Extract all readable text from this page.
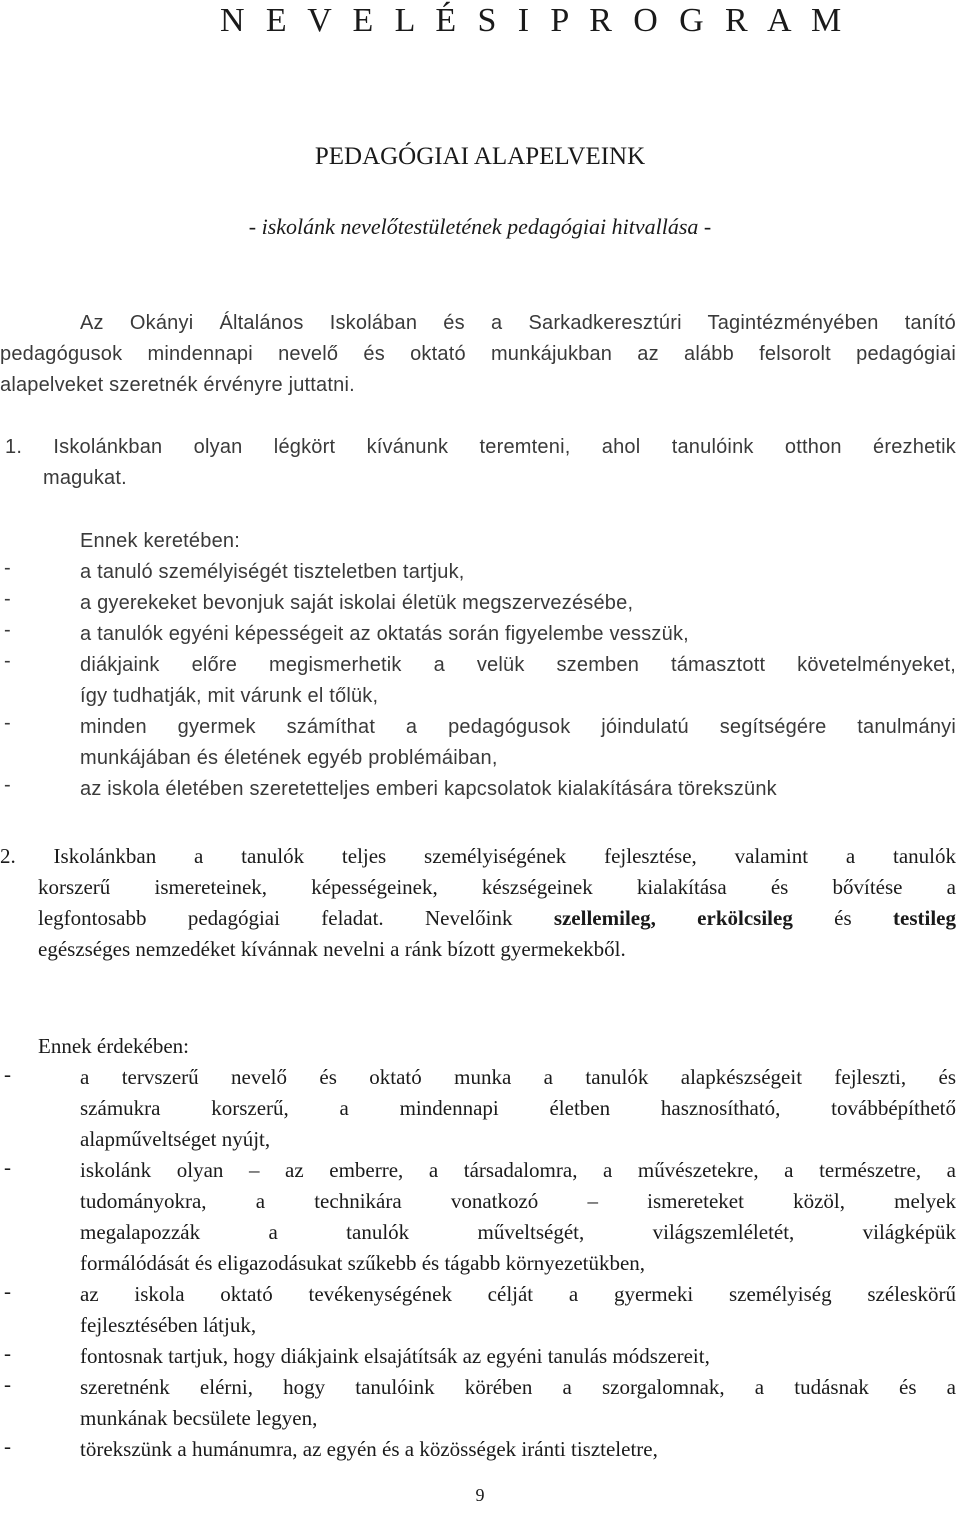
N E V E L É S I P R O G R A M
PEDAGÓGIAI ALAPELVEINK

- iskolánk nevelőtestületének pedagógiai hitvallása -

Az Okányi Általános Iskolában és a Sarkadkeresztúri Tagintézményében tanító
pedagógusok mindennapi nevelő és oktató munkájukban az alább felsorolt pedagógiai
alapelveket szeretnék érvényre juttatni.
1. Iskolánkban olyan légkört kívánunk teremteni, ahol tanulóink otthon érezhetik
magukat.
Ennek keretében:
-	a tanuló személyiségét tiszteletben tartjuk,
-	a gyerekeket bevonjuk saját iskolai életük megszervezésébe,
-	a tanulók egyéni képességeit az oktatás során figyelembe vesszük,
-	diákjaink előre megismerhetik a velük szemben támasztott követelményeket,
így tudhatják, mit várunk el tőlük,
-	minden gyermek számíthat a pedagógusok jóindulatú segítségére tanulmányi
munkájában és életének egyéb problémáiban,
-	az iskola életében szeretetteljes emberi kapcsolatok kialakítására törekszünk
2. Iskolánkban a tanulók teljes személyiségének fejlesztése, valamint a tanulók
korszerű ismereteinek, képességeinek, készségeinek kialakítása és bővítése a
legfontosabb pedagógiai feladat. Nevelőink szellemileg, erkölcsileg és testileg
egészséges nemzedéket kívánnak nevelni a ránk bízott gyermekekből.
Ennek érdekében:
-	a tervszerű nevelő és oktató munka a tanulók alapkészségeit fejleszti, és
számukra korszerű, a mindennapi életben hasznosítható, továbbépíthető
alapműveltséget nyújt,
-	iskolánk olyan – az emberre, a társadalomra, a művészetekre, a természetre, a
tudományokra, a technikára vonatkozó – ismereteket közöl, melyek
megalapozzák a tanulók műveltségét, világszemléletét, világképük
formálódását és eligazodásukat szűkebb és tágabb környezetükben,
-	az iskola oktató tevékenységének célját a gyermeki személyiség széleskörű
fejlesztésében látjuk,
-	fontosnak tartjuk, hogy diákjaink elsajátítsák az egyéni tanulás módszereit,
-	szeretnénk elérni, hogy tanulóink körében a szorgalomnak, a tudásnak és a
munkának becsülete legyen,
-	törekszünk a humánumra, az egyén és a közösségek iránti tiszteletre,

9
